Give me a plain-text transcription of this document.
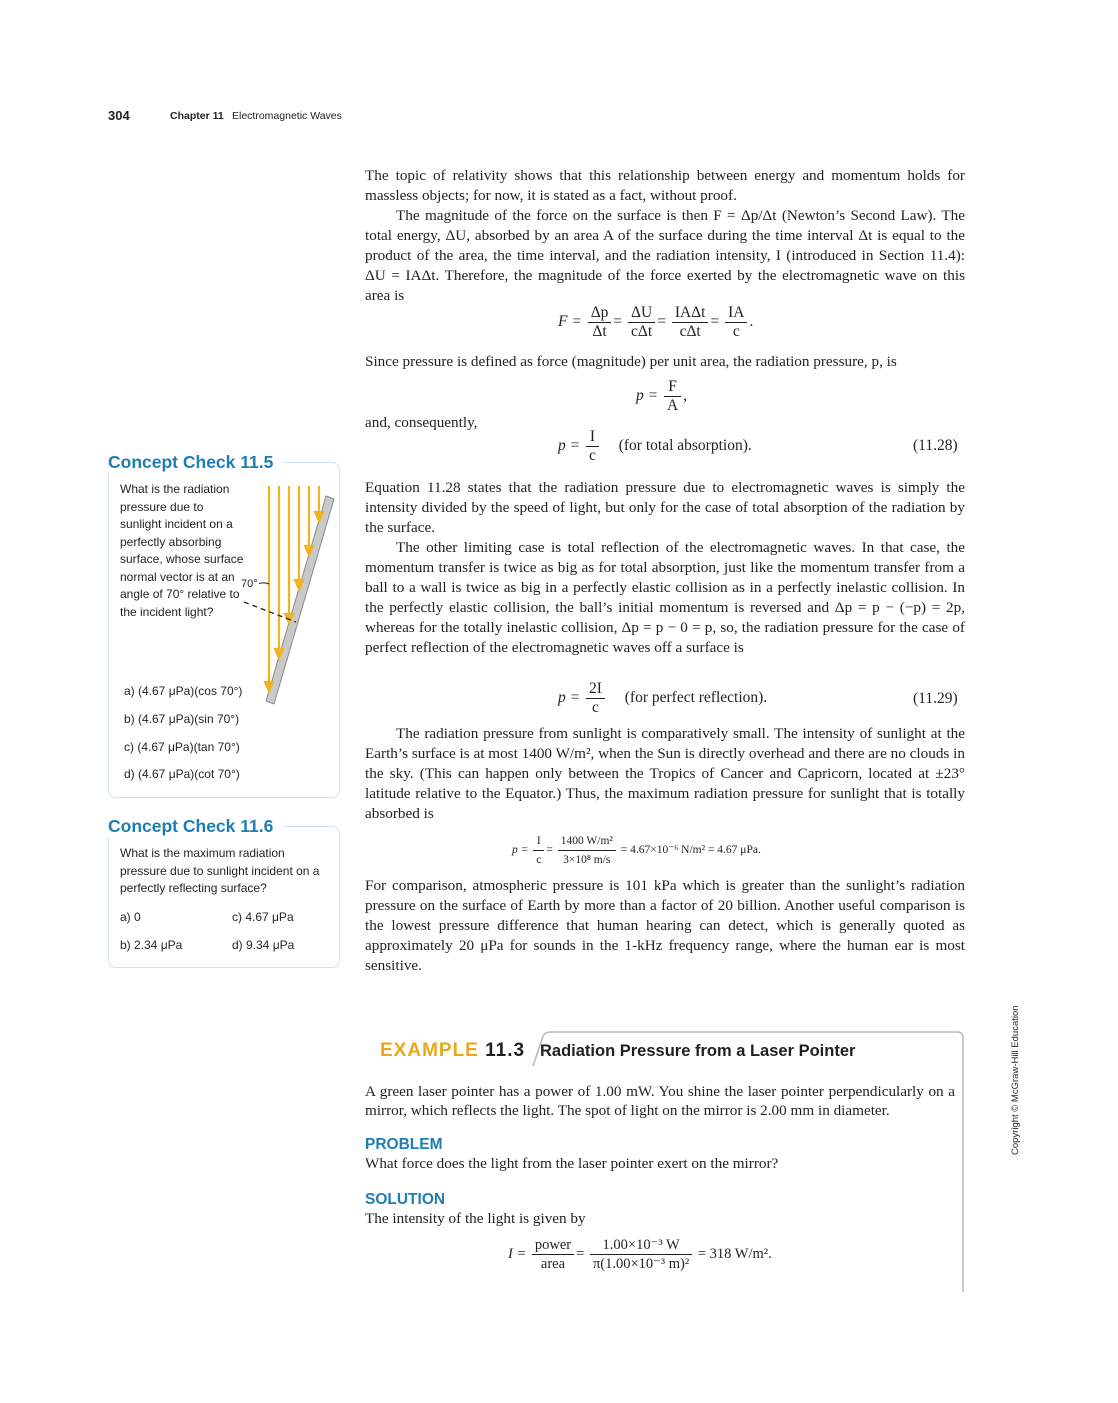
304	Chapter 11 Electromagnetic Waves

The topic of relativity shows that this relationship between energy and momentum holds for massless objects; for now, it is stated as a fact, without proof.

The magnitude of the force on the surface is then F = Δp/Δt (Newton’s Second Law). The total energy, ΔU, absorbed by an area A of the surface during the time interval Δt is equal to the product of the area, the time interval, and the radiation intensity, I (introduced in Section 11.4): ΔU = IAΔt. Therefore, the magnitude of the force exerted by the electromagnetic wave on this area is

$F = \frac{\Delta p}{\Delta t} = \frac{\Delta U}{\text{cΔt}} = \frac{\text{IAΔt}}{\text{cΔt}} = \frac{IA}{c}$ .
Since pressure is defined as force (magnitude) per unit area, the radiation pressure, p, is
$p = \frac{F}{A}$ ,
and, consequently,
$p = \frac{I}{c} (for$ total absorption).	(11.28)

Equation 11.28 states that the radiation pressure due to electromagnetic waves is simply the intensity divided by the speed of light, but only for the case of total absorption of the radiation by the surface.

The other limiting case is total reflection of the electromagnetic waves. In that case, the momentum transfer is twice as big as for total absorption, just like the momentum transfer from a ball to a wall is twice as big in a perfectly elastic collision as in a perfectly inelastic collision. In the perfectly elastic collision, the ball’s initial momentum is reversed and Δp = p − (−p) = 2p, whereas for the totally inelastic collision, Δp = p − 0 = p, so, the radiation pressure for the case of perfect reflection of the electromagnetic waves off a surface is

$p = \frac{2I}{c} (for$ perfect reflection).	(11.29)
The radiation pressure from sunlight is comparatively small. The intensity of sunlight at the Earth’s surface is at most 1400 W/m², when the Sun is directly overhead and there are no clouds in the sky. (This can happen only between the Tropics of Cancer and Capricorn, located at ±23° latitude relative to the Equator.) Thus, the maximum radiation pressure for sunlight that is totally absorbed is
$p = \frac{I}{c} = \frac{\text{1400 W/m²}}{\text{3×10⁸ m/s}} = 4.67\times 10^{-6}$ N/m² = 4.67 μPa.
For comparison, atmospheric pressure is 101 kPa which is greater than the sunlight’s radiation pressure on the surface of Earth by more than a factor of 20 billion. Another useful comparison is the lowest pressure difference that human hearing can detect, which is generally quoted as approximately 20 μPa for sounds in the 1-kHz frequency range, where the human ear is most sensitive.
Concept Check 11.5
What is the radiation pressure due to sunlight incident on a perfectly absorbing surface, whose surface normal vector is at an angle of 70° relative to the incident light?
70°
a) (4.67 μPa)(cos 70°)
b) (4.67 μPa)(sin 70°)
c) (4.67 μPa)(tan 70°)
d) (4.67 μPa)(cot 70°)
Concept Check 11.6
What is the maximum radiation pressure due to sunlight incident on a perfectly reflecting surface?
a) 0	c) 4.67 μPa
b) 2.34 μPa	d) 9.34 μPa
EXAMPLE 11.3 Radiation Pressure from a Laser Pointer
A green laser pointer has a power of 1.00 mW. You shine the laser pointer perpendicularly on a mirror, which reflects the light. The spot of light on the mirror is 2.00 mm in diameter.
PROBLEM
What force does the light from the laser pointer exert on the mirror?
SOLUTION
The intensity of the light is given by
$I = \frac{\text{power}}{\text{area}} = \frac{\text{1.00×10⁻³ W}}{\text{π(1.00×10⁻³ m)²}} = 318$ W/m².
Copyright © McGraw-Hill Education
